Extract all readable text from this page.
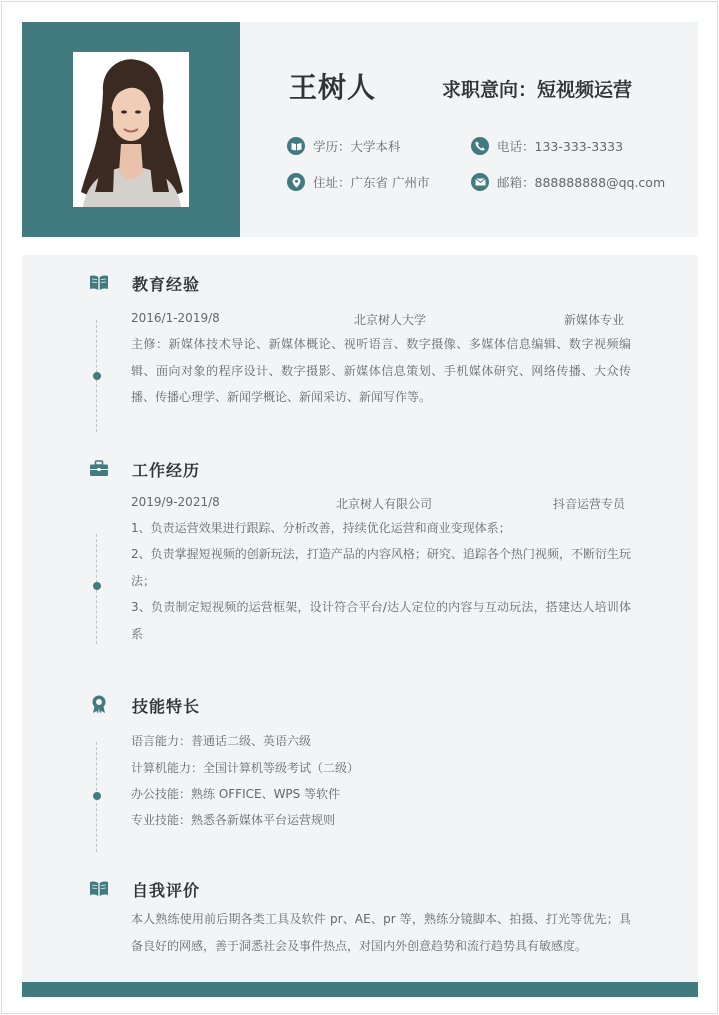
王树人	求职意向：短视频运营
学历：大学本科	电话：133-333-3333
住址：广东省 广州市	邮箱：888888888@qq.com
教育经验
2016/1-2019/8	北京树人大学	新媒体专业
主修：新媒体技术导论、新媒体概论、视听语言、数字摄像、多媒体信息编辑、数字视频编辑、面向对象的程序设计、数字摄影、新媒体信息策划、手机媒体研究、网络传播、大众传播、传播心理学、新闻学概论、新闻采访、新闻写作等。
工作经历
2019/9-2021/8	北京树人有限公司	抖音运营专员
1、负责运营效果进行跟踪、分析改善，持续优化运营和商业变现体系；
2、负责掌握短视频的创新玩法，打造产品的内容风格；研究、追踪各个热门视频，不断衍生玩法；
3、负责制定短视频的运营框架，设计符合平台/达人定位的内容与互动玩法，搭建达人培训体系
技能特长
语言能力：普通话二级、英语六级
计算机能力：全国计算机等级考试（二级）
办公技能：熟练 OFFICE、WPS 等软件
专业技能：熟悉各新媒体平台运营规则
自我评价
本人熟练使用前后期各类工具及软件 pr、AE、pr 等，熟练分镜脚本、拍摄、打光等优先；具备良好的网感，善于洞悉社会及事件热点，对国内外创意趋势和流行趋势具有敏感度。
